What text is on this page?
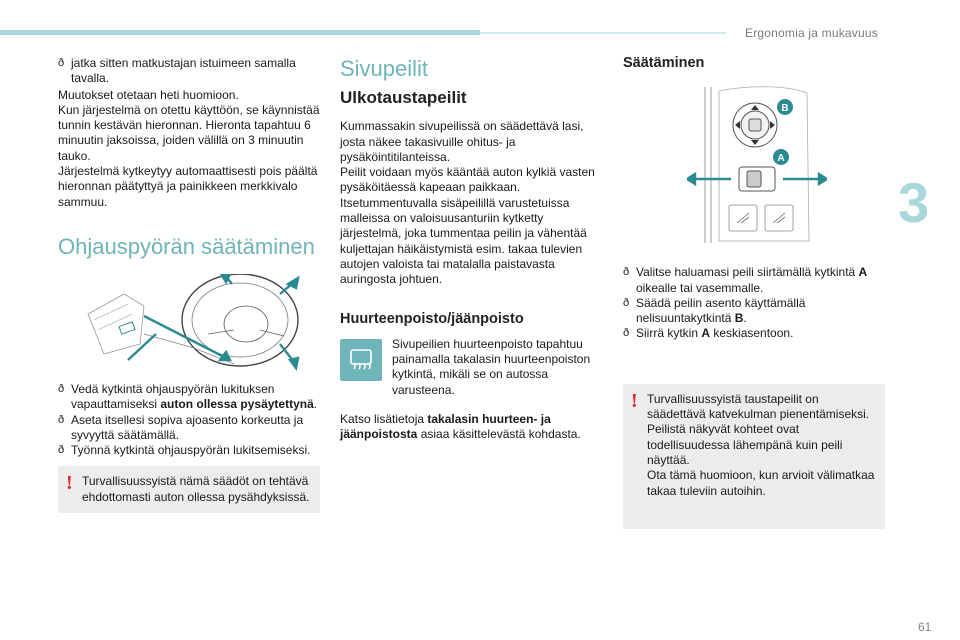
Ergonomia ja mukavuus
3
61

ð jatka sitten matkustajan istuimeen samalla tavalla.

Muutokset otetaan heti huomioon.

Kun järjestelmä on otettu käyttöön, se käynnistää tunnin kestävän hieronnan. Hieronta tapahtuu 6 minuutin jaksoissa, joiden välillä on 3 minuutin tauko.

Järjestelmä kytkeytyy automaattisesti pois päältä hieronnan päätyttyä ja painikkeen merkkivalo sammuu.

Ohjauspyörän säätäminen

ð Vedä kytkintä ohjauspyörän lukituksen vapauttamiseksi auton ollessa pysäytettynä.

ð Aseta itsellesi sopiva ajoasento korkeutta ja syvyyttä säätämällä.

ð Työnnä kytkintä ohjauspyörän lukitsemiseksi.

! Turvallisuussyistä nämä säädöt on tehtävä ehdottomasti auton ollessa pysähdyksissä.

Sivupeilit
Ulkotaustapeilit

Kummassakin sivupeilissä on säädettävä lasi, josta näkee takasivuille ohitus- ja pysäköintitilanteissa.

Peilit voidaan myös kääntää auton kylkiä vasten pysäköitäessä kapeaan paikkaan.

Itsetummentuvalla sisäpeilillä varustetuissa malleissa on valoisuusanturiin kytketty järjestelmä, joka tummentaa peilin ja vähentää kuljettajan häikäistymistä esim. takaa tulevien autojen valoista tai matalalla paistavasta auringosta johtuen.

Huurteenpoisto/jäänpoisto

Sivupeilien huurteenpoisto tapahtuu painamalla takalasin huurteenpoiston kytkintä, mikäli se on autossa varusteena.

Katso lisätietoja takalasin huurteen- ja jäänpoistosta asiaa käsittelevästä kohdasta.

Säätäminen
B
A

ð Valitse haluamasi peili siirtämällä kytkintä A oikealle tai vasemmalle.

ð Säädä peilin asento käyttämällä nelisuuntakytkintä B.

ð Siirrä kytkin A keskiasentoon.

! Turvallisuussyistä taustapeilit on säädettävä katvekulman pienentämiseksi.

Peilistä näkyvät kohteet ovat todellisuudessa lähempänä kuin peili näyttää.

Ota tämä huomioon, kun arvioit välimatkaa takaa tuleviin autoihin.
